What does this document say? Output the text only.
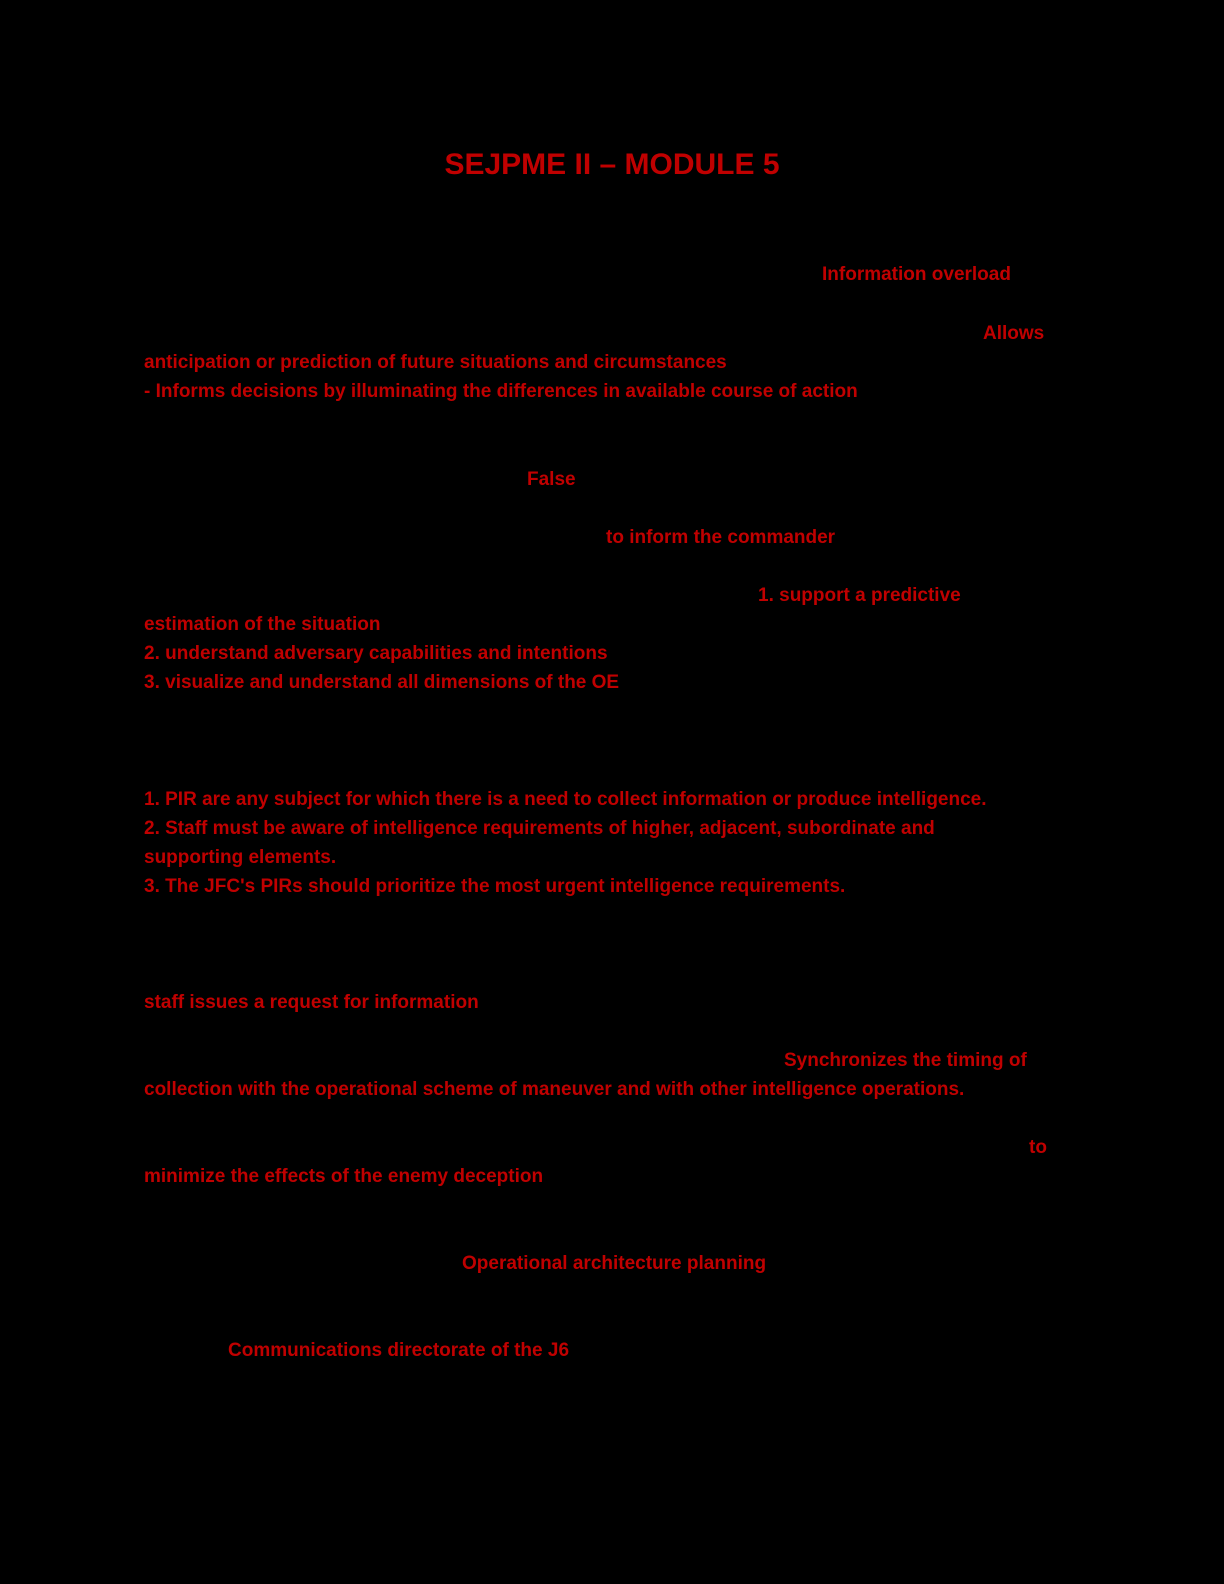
SEJPME II – MODULE 5
Information overload
Allows
anticipation or prediction of future situations and circumstances
- Informs decisions by illuminating the differences in available course of action
False
to inform the commander
1. support a predictive
estimation of the situation
2. understand adversary capabilities and intentions
3. visualize and understand all dimensions of the OE
1. PIR are any subject for which there is a need to collect information or produce intelligence.
2. Staff must be aware of intelligence requirements of higher, adjacent, subordinate and
supporting elements.
3. The JFC's PIRs should prioritize the most urgent intelligence requirements.
staff issues a request for information
Synchronizes the timing of
collection with the operational scheme of maneuver and with other intelligence operations.
to
minimize the effects of the enemy deception
Operational architecture planning
Communications directorate of the J6
